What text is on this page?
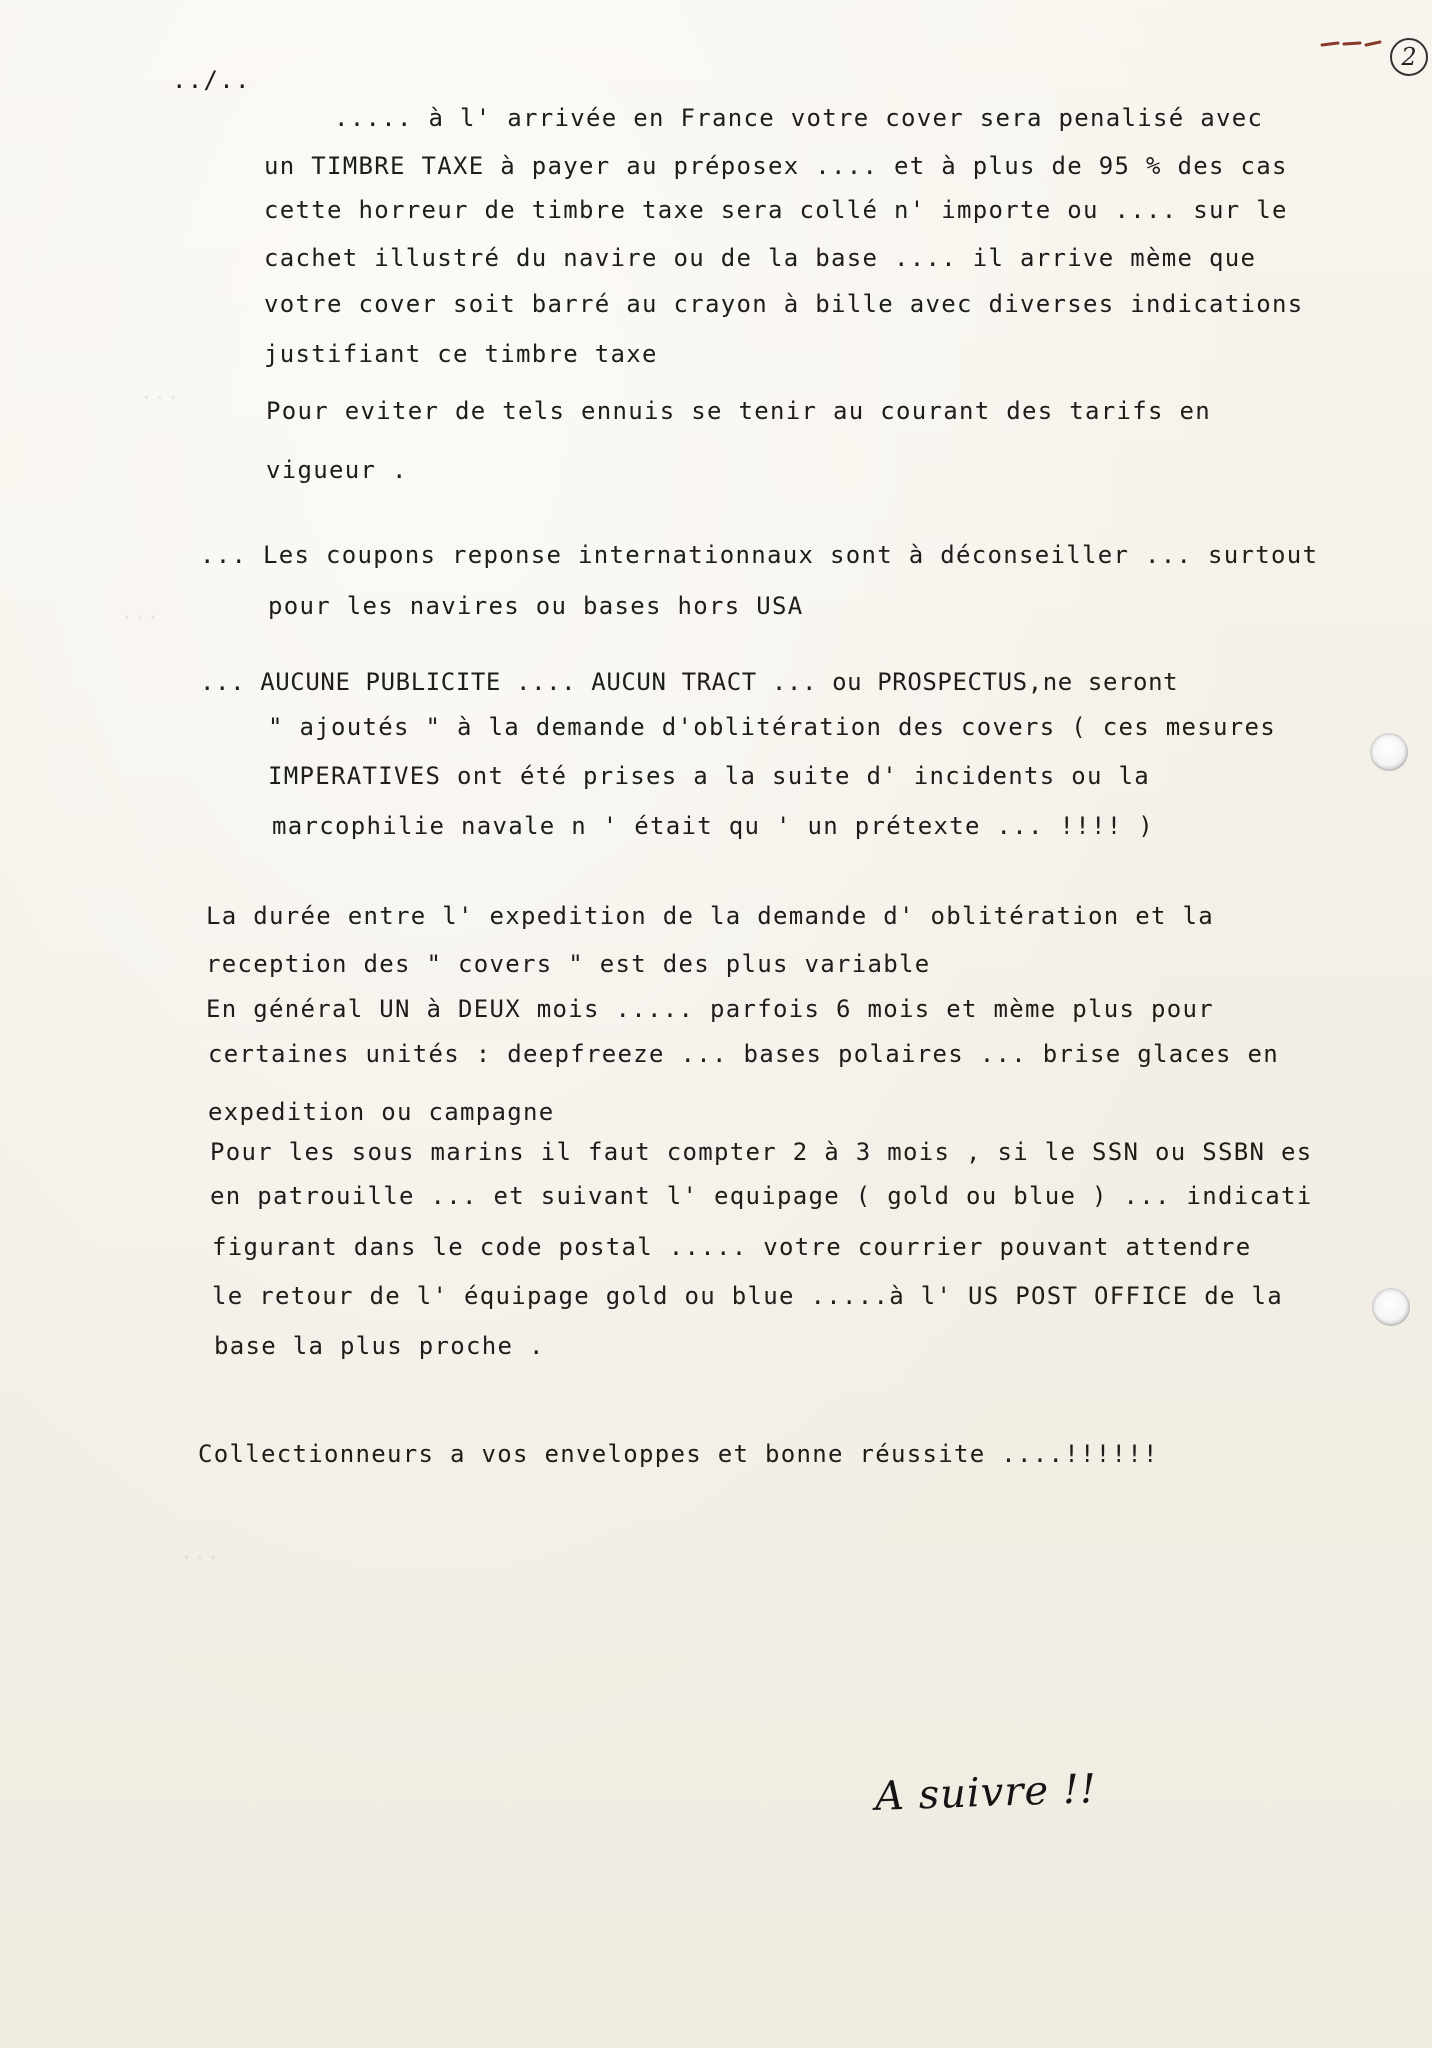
...
...
...
2
../..
..... à l' arrivée en France votre cover sera penalisé avec
un TIMBRE TAXE à payer au préposex .... et à plus de 95 % des cas
cette horreur de timbre taxe sera collé n' importe ou .... sur le
cachet illustré du navire ou de la base .... il arrive mème que
votre cover soit barré au crayon à bille avec diverses indications
justifiant ce timbre taxe
Pour eviter de tels ennuis se tenir au courant des tarifs en
vigueur .
... Les coupons reponse internationnaux sont à déconseiller ... surtout
pour les navires ou bases hors USA
... AUCUNE PUBLICITE .... AUCUN TRACT ... ou PROSPECTUS,ne seront
" ajoutés " à la demande d'oblitération des covers ( ces mesures
IMPERATIVES ont été prises a la suite d' incidents ou la
marcophilie navale n ' était qu ' un prétexte ... !!!! )
La durée entre l' expedition de la demande d' oblitération et la
reception des " covers " est des plus variable
En général UN à DEUX mois ..... parfois 6 mois et mème plus pour
certaines unités : deepfreeze ... bases polaires ... brise glaces en
expedition ou campagne
Pour les sous marins il faut compter 2 à 3 mois , si le SSN ou SSBN es
en patrouille ... et suivant l' equipage ( gold ou blue ) ... indicati
figurant dans le code postal ..... votre courrier pouvant attendre
le retour de l' équipage gold ou blue .....à l' US POST OFFICE de la
base la plus proche .
Collectionneurs a vos enveloppes et bonne réussite ....!!!!!!
A suivre !!
